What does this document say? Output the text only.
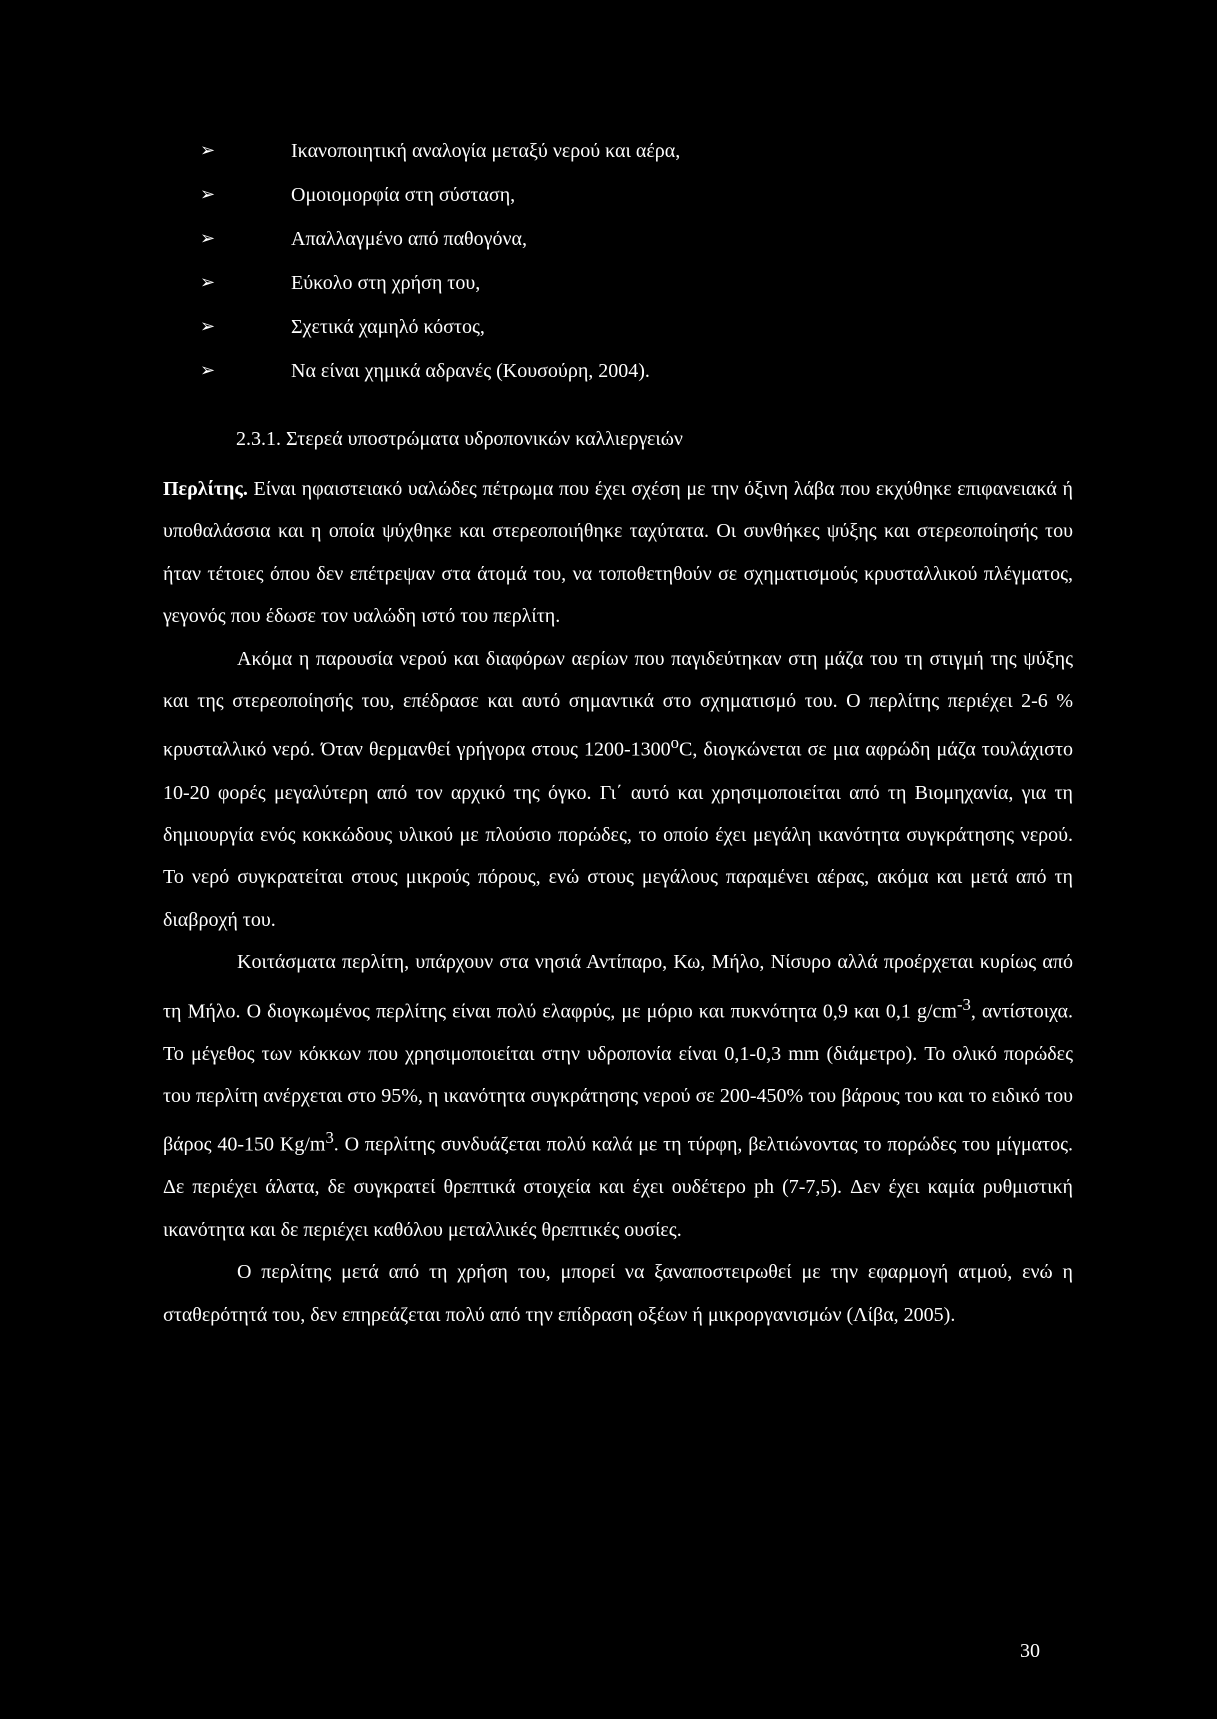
➢	Ικανοποιητική αναλογία μεταξύ νερού και αέρα,
➢	Ομοιομορφία στη σύσταση,
➢	Απαλλαγμένο από παθογόνα,
➢	Εύκολο στη χρήση του,
➢	Σχετικά χαμηλό κόστος,
➢	Να είναι χημικά αδρανές (Κουσούρη, 2004).
2.3.1. Στερεά υποστρώματα υδροπονικών καλλιεργειών

Περλίτης. Είναι ηφαιστειακό υαλώδες πέτρωμα που έχει σχέση με την όξινη λάβα που εκχύθηκε επιφανειακά ή υποθαλάσσια και η οποία ψύχθηκε και στερεοποιήθηκε ταχύτατα. Οι συνθήκες ψύξης και στερεοποίησής του ήταν τέτοιες όπου δεν επέτρεψαν στα άτομά του, να τοποθετηθούν σε σχηματισμούς κρυσταλλικού πλέγματος, γεγονός που έδωσε τον υαλώδη ιστό του περλίτη.

Ακόμα η παρουσία νερού και διαφόρων αερίων που παγιδεύτηκαν στη μάζα του τη στιγμή της ψύξης και της στερεοποίησής του, επέδρασε και αυτό σημαντικά στο σχηματισμό του. Ο περλίτης περιέχει 2-6 % κρυσταλλικό νερό. Όταν θερμανθεί γρήγορα στους 1200-1300$^o$C, διογκώνεται σε μια αφρώδη μάζα τουλάχιστο 10-20 φορές μεγαλύτερη από τον αρχικό της όγκο. Γι΄ αυτό και χρησιμοποιείται από τη Βιομηχανία, για τη δημιουργία ενός κοκκώδους υλικού με πλούσιο πορώδες, το οποίο έχει μεγάλη ικανότητα συγκράτησης νερού. Το νερό συγκρατείται στους μικρούς πόρους, ενώ στους μεγάλους παραμένει αέρας, ακόμα και μετά από τη διαβροχή του.

Κοιτάσματα περλίτη, υπάρχουν στα νησιά Αντίπαρο, Κω, Μήλο, Νίσυρο αλλά προέρχεται κυρίως από τη Μήλο. Ο διογκωμένος περλίτης είναι πολύ ελαφρύς, με μόριο και πυκνότητα 0,9 και 0,1 $g/cm^{-3}$, αντίστοιχα. Το μέγεθος των κόκκων που χρησιμοποιείται στην υδροπονία είναι 0,1-0,3 mm (διάμετρο). Το ολικό πορώδες του περλίτη ανέρχεται στο 95%, η ικανότητα συγκράτησης νερού σε 200-450% του βάρους του και το ειδικό του βάρος 40-150 $Kg/m^3$. Ο περλίτης συνδυάζεται πολύ καλά με τη τύρφη, βελτιώνοντας το πορώδες του μίγματος. Δε περιέχει άλατα, δε συγκρατεί θρεπτικά στοιχεία και έχει ουδέτερο ph (7-7,5). Δεν έχει καμία ρυθμιστική ικανότητα και δε περιέχει καθόλου μεταλλικές θρεπτικές ουσίες.

Ο περλίτης μετά από τη χρήση του, μπορεί να ξαναποστειρωθεί με την εφαρμογή ατμού, ενώ η σταθερότητά του, δεν επηρεάζεται πολύ από την επίδραση οξέων ή μικροργανισμών (Λίβα, 2005).

30
